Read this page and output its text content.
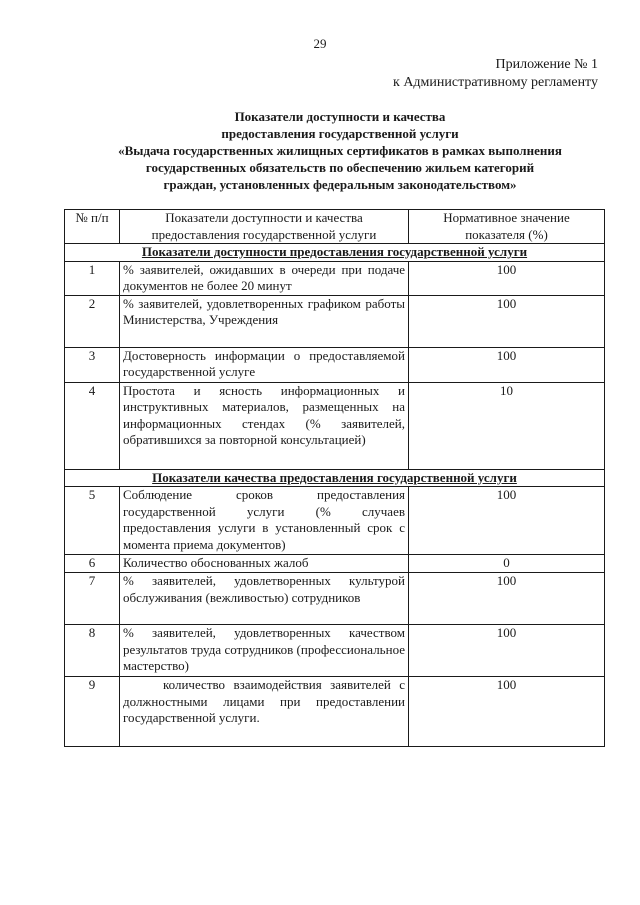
29
Приложение № 1
к Административному регламенту
Показатели доступности и качества
предоставления государственной услуги
«Выдача государственных жилищных сертификатов в рамках выполнения
государственных обязательств по обеспечению жильем категорий
граждан, установленных федеральным законодательством»
№ п/п	Показатели доступности и качества предоставления государственной услуги	Нормативное значение показателя (%)
Показатели доступности предоставления государственной услуги		
1	% заявителей, ожидавших в очереди при подаче документов не более 20 минут	100
2	% заявителей, удовлетворенных графиком работы Министерства, Учреждения	100
3	Достоверность информации о предоставляемой государственной услуге	100
4	Простота и ясность информационных и инструктивных материалов, размещенных на информационных стендах (% заявителей, обратившихся за повторной консультацией)	10
Показатели качества предоставления государственной услуги		
5	Соблюдение сроков предоставления государственной услуги (% случаев предоставления услуги в установленный срок с момента приема документов)	100
6	Количество обоснованных жалоб	0
7	% заявителей, удовлетворенных культурой обслуживания (вежливостью) сотрудников	100
8	% заявителей, удовлетворенных качеством результатов труда сотрудников (профессиональное мастерство)	100
9	количество взаимодействия заявителей с должностными лицами при предоставлении государственной услуги.	100
